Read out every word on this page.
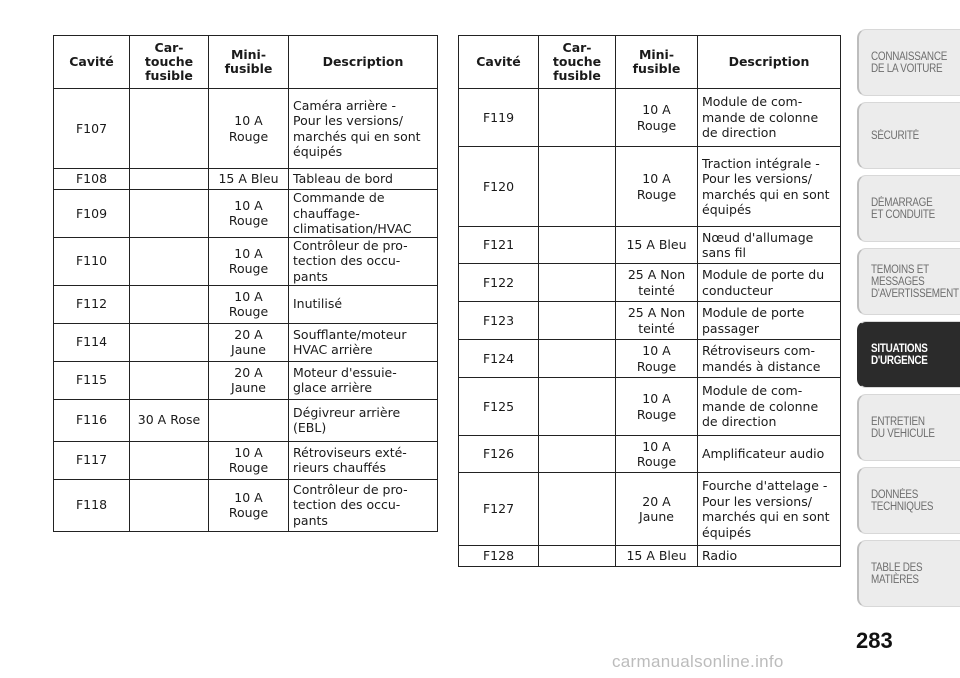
Cavité	Car-
touche
fusible	Mini-
fusible	Description
F107		10 A
Rouge	Caméra arrière -
Pour les versions/
marchés qui en sont
équipés
F108		15 A Bleu	Tableau de bord
F109		10 A
Rouge	Commande de
chauffage-
climatisation/HVAC
F110		10 A
Rouge	Contrôleur de pro-
tection des occu-
pants
F112		10 A
Rouge	Inutilisé
F114		20 A
Jaune	Soufflante/moteur
HVAC arrière
F115		20 A
Jaune	Moteur d'essuie-
glace arrière
F116	30 A Rose		Dégivreur arrière
(EBL)
F117		10 A
Rouge	Rétroviseurs exté-
rieurs chauffés
F118		10 A
Rouge	Contrôleur de pro-
tection des occu-
pants
Cavité	Car-
touche
fusible	Mini-
fusible	Description
F119		10 A
Rouge	Module de com-
mande de colonne
de direction
F120		10 A
Rouge	Traction intégrale -
Pour les versions/
marchés qui en sont
équipés
F121		15 A Bleu	Nœud d'allumage
sans fil
F122		25 A Non
teinté	Module de porte du
conducteur
F123		25 A Non
teinté	Module de porte
passager
F124		10 A
Rouge	Rétroviseurs com-
mandés à distance
F125		10 A
Rouge	Module de com-
mande de colonne
de direction
F126		10 A
Rouge	Amplificateur audio
F127		20 A
Jaune	Fourche d'attelage -
Pour les versions/
marchés qui en sont
équipés
F128		15 A Bleu	Radio
CONNAISSANCE
DE LA VOITURE
SÉCURITÉ
DÉMARRAGE
ET CONDUITE
TEMOINS ET
MESSAGES
D'AVERTISSEMENT
SITUATIONS
D'URGENCE
ENTRETIEN
DU VEHICULE
DONNÉES
TECHNIQUES
TABLE DES
MATIÈRES
283
carmanualsonline.info
